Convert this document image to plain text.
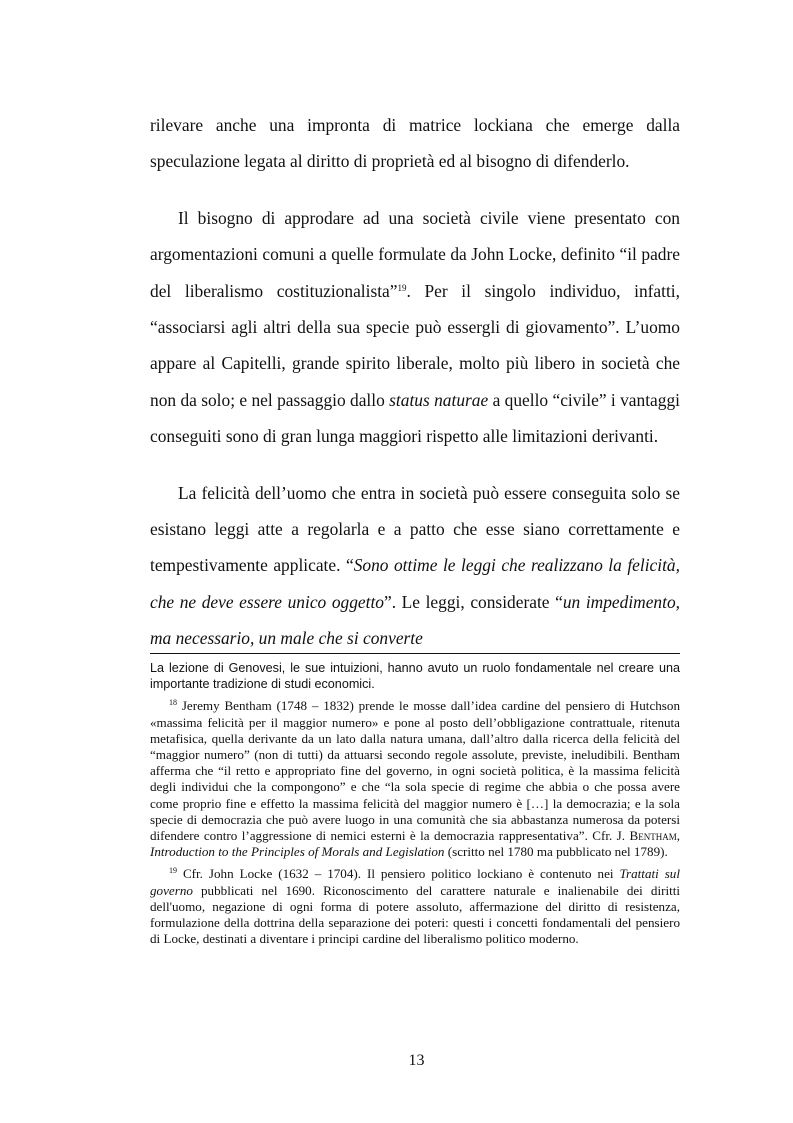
rilevare anche una impronta di matrice lockiana che emerge dalla speculazione legata al diritto di proprietà ed al bisogno di difenderlo.

Il bisogno di approdare ad una società civile viene presentato con argomentazioni comuni a quelle formulate da John Locke, definito “il padre del liberalismo costituzionalista”$^{19}$. Per il singolo individuo, infatti, “associarsi agli altri della sua specie può essergli di giovamento”. L’uomo appare al Capitelli, grande spirito liberale, molto più libero in società che non da solo; e nel passaggio dallo status naturae a quello “civile” i vantaggi conseguiti sono di gran lunga maggiori rispetto alle limitazioni derivanti.

La felicità dell’uomo che entra in società può essere conseguita solo se esistano leggi atte a regolarla e a patto che esse siano correttamente e tempestivamente applicate. “Sono ottime le leggi che realizzano la felicità, che ne deve essere unico oggetto”. Le leggi, considerate “un impedimento, ma necessario, un male che si converte

La lezione di Genovesi, le sue intuizioni, hanno avuto un ruolo fondamentale nel creare una importante tradizione di studi economici.

$^{18}$ Jeremy Bentham (1748 – 1832) prende le mosse dall’idea cardine del pensiero di Hutchson «massima felicità per il maggior numero» e pone al posto dell’obbligazione contrattuale, ritenuta metafisica, quella derivante da un lato dalla natura umana, dall’altro dalla ricerca della felicità del “maggior numero” (non di tutti) da attuarsi secondo regole assolute, previste, ineludibili. Bentham afferma che “il retto e appropriato fine del governo, in ogni società politica, è la massima felicità degli individui che la compongono” e che “la sola specie di regime che abbia o che possa avere come proprio fine e effetto la massima felicità del maggior numero è […] la democrazia; e la sola specie di democrazia che può avere luogo in una comunità che sia abbastanza numerosa da potersi difendere contro l’aggressione di nemici esterni è la democrazia rappresentativa”. Cfr. J. Bentham, Introduction to the Principles of Morals and Legislation (scritto nel 1780 ma pubblicato nel 1789).

$^{19}$ Cfr. John Locke (1632 – 1704). Il pensiero politico lockiano è contenuto nei Trattati sul governo pubblicati nel 1690. Riconoscimento del carattere naturale e inalienabile dei diritti dell'uomo, negazione di ogni forma di potere assoluto, affermazione del diritto di resistenza, formulazione della dottrina della separazione dei poteri: questi i concetti fondamentali del pensiero di Locke, destinati a diventare i principi cardine del liberalismo politico moderno.

13
